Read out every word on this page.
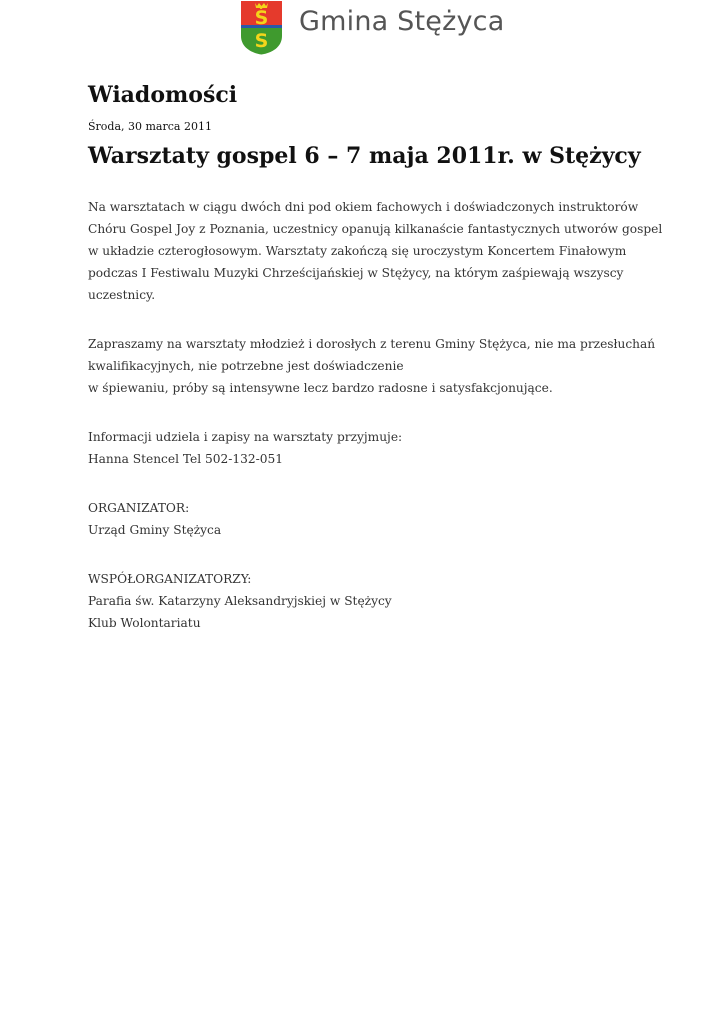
Ś
S
Gmina Stężyca
Wiadomości
Środa, 30 marca 2011
Warsztaty gospel 6 – 7 maja 2011r. w Stężycy

Na warsztatach w ciągu dwóch dni pod okiem fachowych i doświadczonych instruktorów
Chóru Gospel Joy z Poznania, uczestnicy opanują kilkanaście fantastycznych utworów gospel
w układzie czterogłosowym. Warsztaty zakończą się uroczystym Koncertem Finałowym
podczas I Festiwalu Muzyki Chrześcijańskiej w Stężycy, na którym zaśpiewają wszyscy
uczestnicy.

Zapraszamy na warsztaty młodzież i dorosłych z terenu Gminy Stężyca, nie ma przesłuchań
kwalifikacyjnych, nie potrzebne jest doświadczenie
w śpiewaniu, próby są intensywne lecz bardzo radosne i satysfakcjonujące.

Informacji udziela i zapisy na warsztaty przyjmuje:
Hanna Stencel Tel 502-132-051

ORGANIZATOR:
Urząd Gminy Stężyca

WSPÓŁORGANIZATORZY:
Parafia św. Katarzyny Aleksandryjskiej w Stężycy
Klub Wolontariatu
